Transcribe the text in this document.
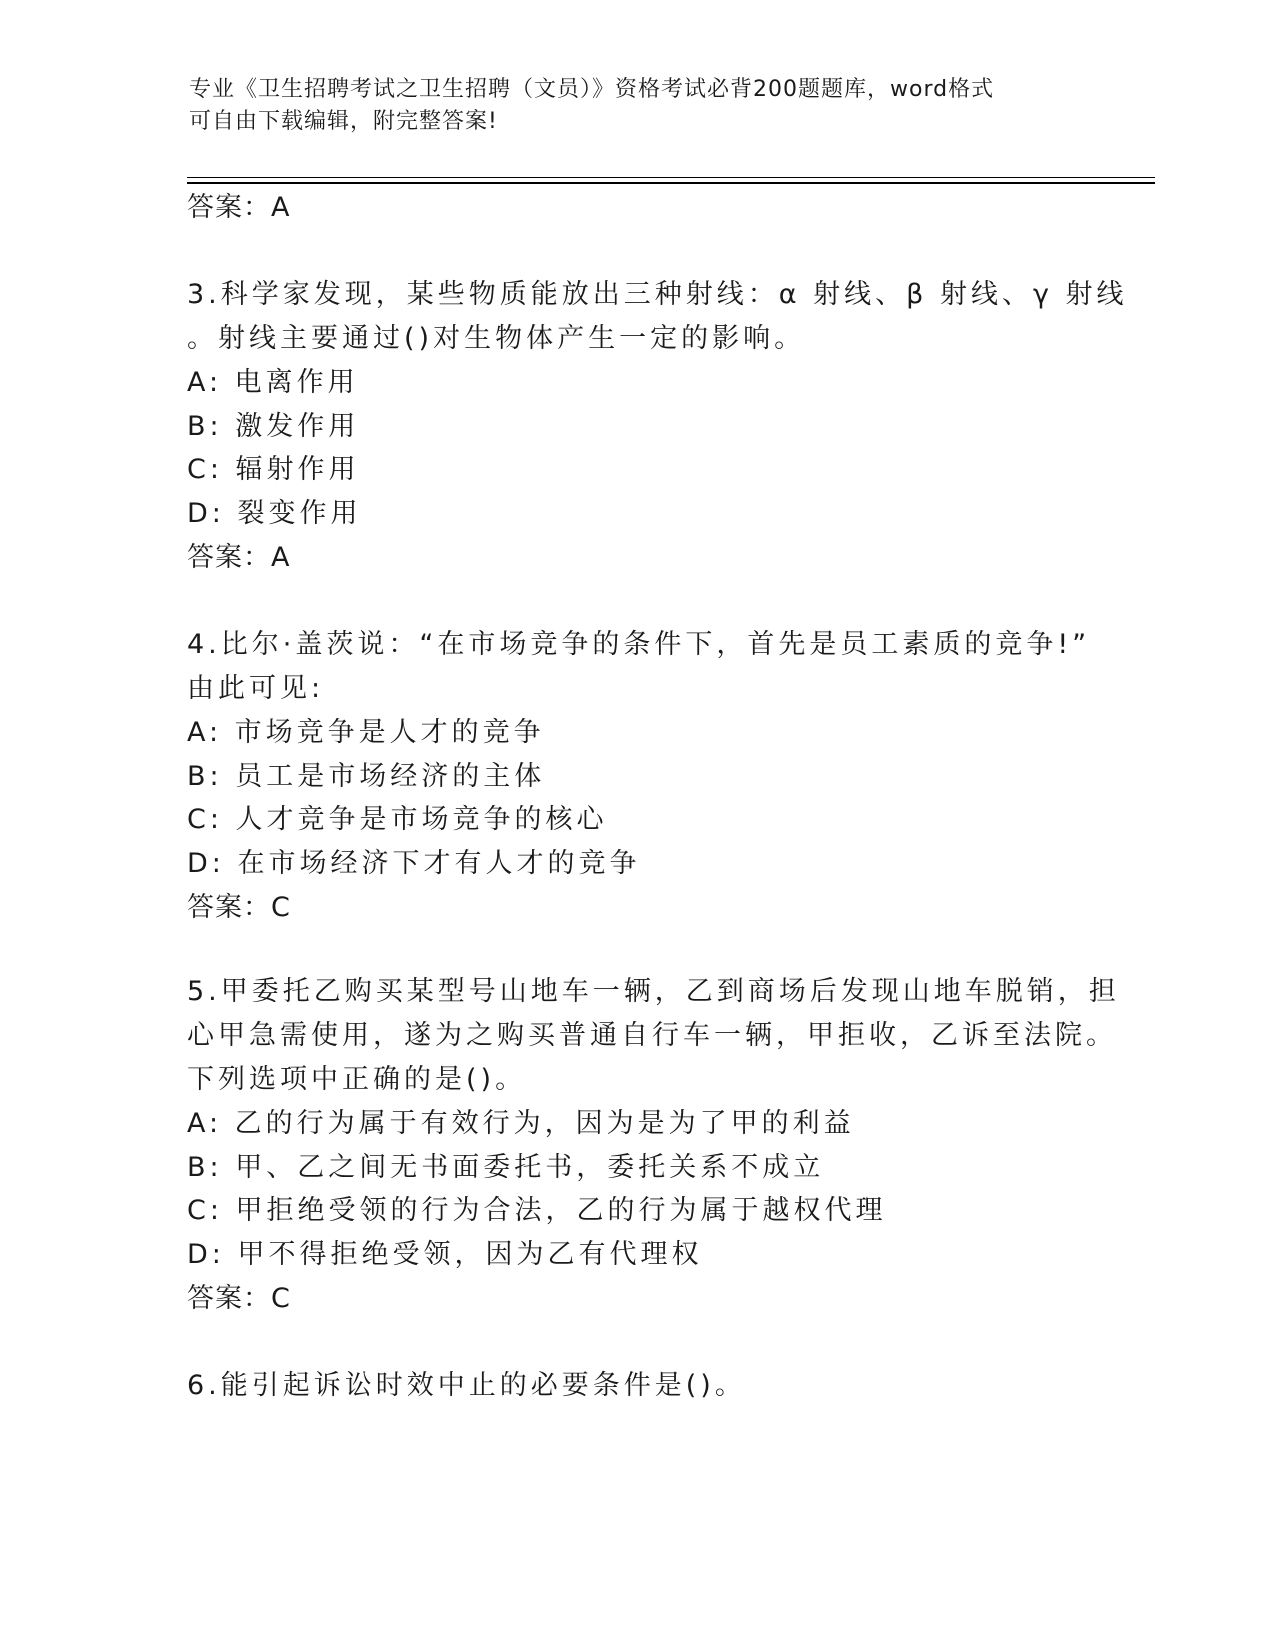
专业《卫生招聘考试之卫生招聘（文员）》资格考试必背200题题库，word格式
可自由下载编辑，附完整答案!
答案：A
3.科学家发现，某些物质能放出三种射线：α 射线、β 射线、γ 射线
。射线主要通过()对生物体产生一定的影响。
A: 电离作用
B: 激发作用
C: 辐射作用
D: 裂变作用
答案：A
4.比尔·盖茨说：“在市场竞争的条件下，首先是员工素质的竞争!”
由此可见:
A: 市场竞争是人才的竞争
B: 员工是市场经济的主体
C: 人才竞争是市场竞争的核心
D: 在市场经济下才有人才的竞争
答案：C
5.甲委托乙购买某型号山地车一辆，乙到商场后发现山地车脱销，担
心甲急需使用，遂为之购买普通自行车一辆，甲拒收，乙诉至法院。
下列选项中正确的是()。
A: 乙的行为属于有效行为，因为是为了甲的利益
B: 甲、乙之间无书面委托书，委托关系不成立
C: 甲拒绝受领的行为合法，乙的行为属于越权代理
D: 甲不得拒绝受领，因为乙有代理权
答案：C
6.能引起诉讼时效中止的必要条件是()。
